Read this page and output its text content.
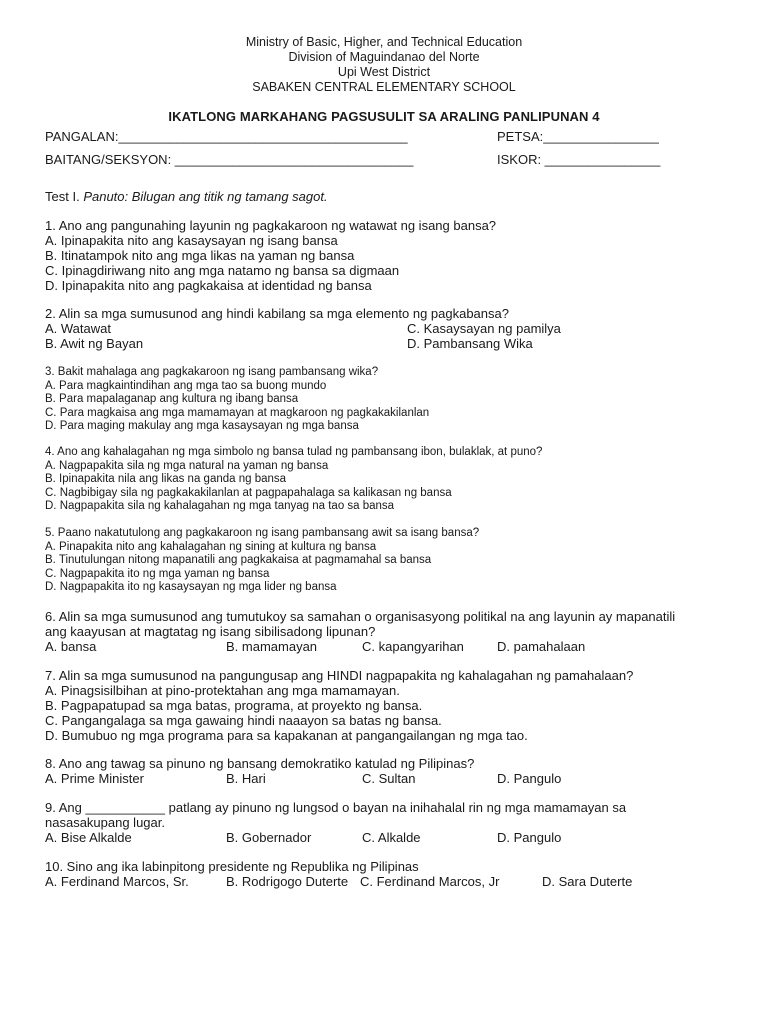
Ministry of Basic, Higher, and Technical Education
Division of Maguindanao del Norte
Upi West District
SABAKEN CENTRAL ELEMENTARY SCHOOL
IKATLONG MARKAHANG PAGSUSULIT SA ARALING PANLIPUNAN 4
PANGALAN:________________________________________	PETSA:________________
BAITANG/SEKSYON: _________________________________	ISKOR: ________________
Test I. Panuto: Bilugan ang titik ng tamang sagot.
1. Ano ang pangunahing layunin ng pagkakaroon ng watawat ng isang bansa?
A. Ipinapakita nito ang kasaysayan ng isang bansa
B. Itinatampok nito ang mga likas na yaman ng bansa
C. Ipinagdiriwang nito ang mga natamo ng bansa sa digmaan
D. Ipinapakita nito ang pagkakaisa at identidad ng bansa
2. Alin sa mga sumusunod ang hindi kabilang sa mga elemento ng pagkabansa?
A. Watawat	C. Kasaysayan ng pamilya
B. Awit ng Bayan	D. Pambansang Wika
3. Bakit mahalaga ang pagkakaroon ng isang pambansang wika?
A. Para magkaintindihan ang mga tao sa buong mundo
B. Para mapalaganap ang kultura ng ibang bansa
C. Para magkaisa ang mga mamamayan at magkaroon ng pagkakakilanlan
D. Para maging makulay ang mga kasaysayan ng mga bansa
4. Ano ang kahalagahan ng mga simbolo ng bansa tulad ng pambansang ibon, bulaklak, at puno?
A. Nagpapakita sila ng mga natural na yaman ng bansa
B. Ipinapakita nila ang likas na ganda ng bansa
C. Nagbibigay sila ng pagkakakilanlan at pagpapahalaga sa kalikasan ng bansa
D. Nagpapakita sila ng kahalagahan ng mga tanyag na tao sa bansa
5. Paano nakatutulong ang pagkakaroon ng isang pambansang awit sa isang bansa?
A. Pinapakita nito ang kahalagahan ng sining at kultura ng bansa
B. Tinutulungan nitong mapanatili ang pagkakaisa at pagmamahal sa bansa
C. Nagpapakita ito ng mga yaman ng bansa
D. Nagpapakita ito ng kasaysayan ng mga lider ng bansa
6. Alin sa mga sumusunod ang tumutukoy sa samahan o organisasyong politikal na ang layunin ay mapanatili
ang kaayusan at magtatag ng isang sibilisadong lipunan?
A. bansa	B. mamamayan	C. kapangyarihan	D. pamahalaan
7. Alin sa mga sumusunod na pangungusap ang HINDI nagpapakita ng kahalagahan ng pamahalaan?
A. Pinagsisilbihan at pino-protektahan ang mga mamamayan.
B. Pagpapatupad sa mga batas, programa, at proyekto ng bansa.
C. Pangangalaga sa mga gawaing hindi naaayon sa batas ng bansa.
D. Bumubuo ng mga programa para sa kapakanan at pangangailangan ng mga tao.
8. Ano ang tawag sa pinuno ng bansang demokratiko katulad ng Pilipinas?
A. Prime Minister	B. Hari	C. Sultan	D. Pangulo
9. Ang ___________ patlang ay pinuno ng lungsod o bayan na inihahalal rin ng mga mamamayan sa
nasasakupang lugar.
A. Bise Alkalde	B. Gobernador	C. Alkalde	D. Pangulo
10. Sino ang ika labinpitong presidente ng Republika ng Pilipinas
A. Ferdinand Marcos, Sr.	B. Rodrigogo Duterte C. Ferdinand Marcos, Jr	D. Sara Duterte
